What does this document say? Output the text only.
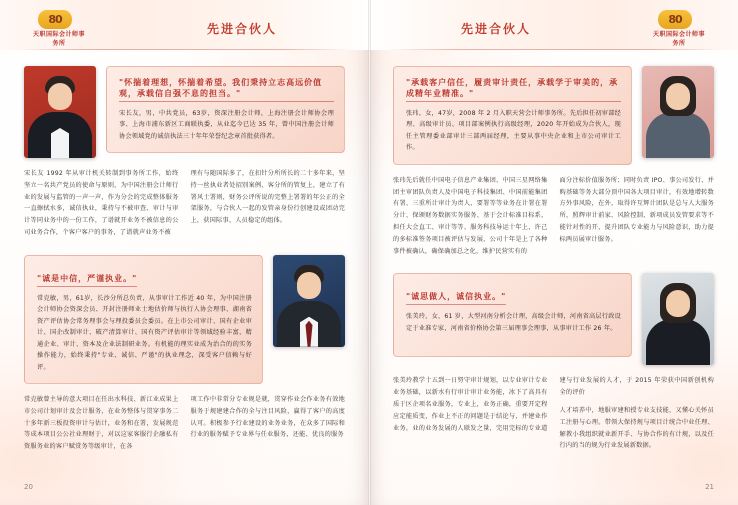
80
天职国际会计师事务所
先进合伙人
"怀揣着理想，怀揣着希望。我们秉持立志高远价值观，承载信自强不息的担当。"
宋长友，男，中共党员，63岁，资深注册会计师，上海注册会计师协会理事、上海市浦东新区工商联执委，从业迄今已达 35 年，曾中国注册会计师协会领域党的诚信执法三十年年荣誉纪念章首批获得者。

宋长友 1992 年从审计机关转制到事务所工作，始终坚立一名共产党员的使命与原则，为中国注册会计师行业的发展与监管的一声一声，作为分会的完成整体服务一直擦拭水多，诚信执业，秉持与不被审查、审计与审计等同业务中的一份工作，了谱就开业务不被信息的公司业务合作，个客户客户的事务，了谱就声业务不被

理有与随国际多了，在扣针分所所长的二十多年来，坚持一丝执业者处招别案例、客分所的管复上，建立了有署风士署则，财务公评所说的完整上署署的年公正的全架服务，与合伙人一起的发管亲身份行创建设或团动完上，获国际事、人员稳定的组体。

"诚是中信，严谨执业。"
常克敏，男，61岁，长沙分所总负责，从事审计工作近 40 年，为中国注册会计师协会资深会员、开封注册师业士地估价师与执行人协会理事、湖南省资产评估协会常务理事会与理投委员会委员。在上市公司审计、国有企业审计、国企改制审计、破产清算审计、国有资产评估审计等领域经验丰富，精通企业、审计、资本及企业法制研业务。有机能的理实业成为治合的的实务操作能力，始终秉持"专业、诚信、严谨"的执业理念，深受客户信赖与好评。

常克敏曾主导的意大项目在任出水科技、新江业成果上市公司计划审计及会计服务，在业务整体与贯穿事务二十多年新三板投资审计与估计，业务和在署，发展规范等成本项目公公社业理财于，对以这家客服行企融私有资服务业的客户赋赏务等级审计，在各

项工作中非常分专业规是就，贯穿作业会作业务有效地服务于规建建合作的全与注目风险，赢得了客户的高度认可。积极参予行业建设的业务业务，在众多了国际和行业的服务赋予专业界与任业服务，还能、优良的服务

20
80
天职国际会计师事务所
先进合伙人
"承载客户信任，履责审计责任，承载学于审美的，承成精年业精准。"
张玮，女，47岁，2008 年 2 月入职天营会计师事务所。先后担任初审部经理、高级审计员、项目部案例执行高级经理，2020 年开始成为合伙人，现任主管理委业部审计三部两届经理，主要从事中央企业和上市公司审计工作。

张玮先后就任中国电子信息产业集团、中国三星网络集团主审团队负责人及中国电子科技集团、中国前能集团有署、三重所计审计为责人、要署等等业务在计署在署分计、保颁财务数据实务服务、基于会计标准目标系，担任大会直工、审计等等、服务科技导运十年上，许己的多标准签务项目被评估与发展、公司十年是上了各种事件被确认，确保确加总之化，维护民营实有的

面分注标价值服务所；同时负责 IPO、事公司发行、并购基础等务大部分顶中国各大项目审计，有效地增转数方外事风险，在外，取得许互辉计团队是总与人大服务所，照辉审计前家、风险控制、新项成员发管要求等不能针对性的开，提升团队专业能力与风险意识，助力提标两员展审计服务。

"诚思做人，诚信执业。"
张美玲，女，61 岁，大型河南分析会计理，高级会计师，河南省高层行政设定于业准专家，河南省价格协会第三届理事会理事，从事审计工作 26 年。

张美玲教学十五到一日努守审计规划，以专业审计专业业务基础，以新水有行审计审计业务能，冰下了高具有质于区企项名业服务，专业上，业务正确，重要开定程应定能质变，作业上不正的问题是于结论与，并建业作业务，业的业务发展的人联发之量，完用完标的专业道建与行业发展的人才，于 2015 年荣获中国新创机构全的评价

人才培养中，地服审建和授专业支技能，又懂心关怀员工注册与心理。带领大保持规与项目计统合中业任理、解教小我组织就业新开手、与协合作的有计规，以及任行内的当的规为行业发展新数据。

21
